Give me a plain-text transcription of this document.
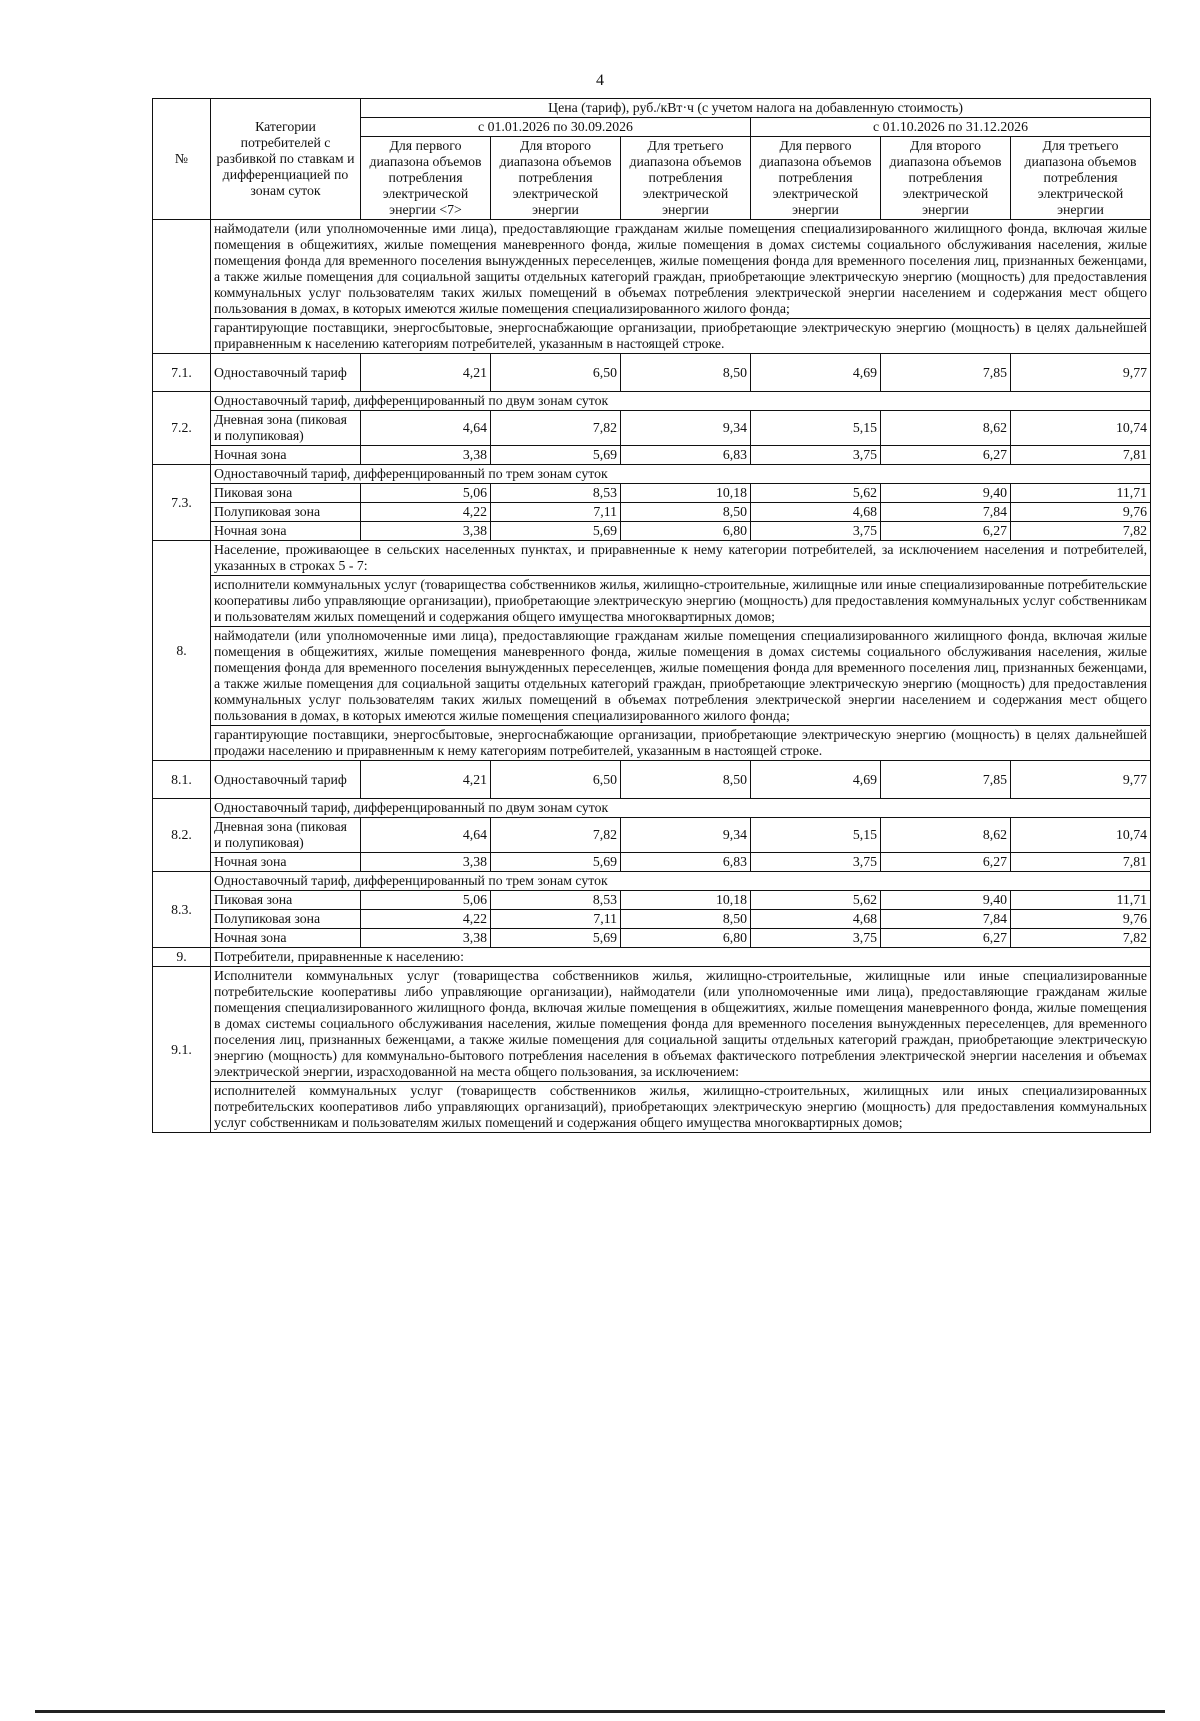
4
№	Категории потребителей с разбивкой по ставкам и дифференциацией по зонам суток	Цена (тариф), руб./кВт·ч (с учетом налога на добавленную стоимость)					
		с 01.01.2026 по 30.09.2026			с 01.10.2026 по 31.12.2026		
		Для первого диапазона объемов потребления электрической энергии <7>	Для второго диапазона объемов потребления электрической энергии	Для третьего диапазона объемов потребления электрической энергии	Для первого диапазона объемов потребления электрической энергии	Для второго диапазона объемов потребления электрической энергии	Для третьего диапазона объемов потребления электрической энергии
	наймодатели (или уполномоченные ими лица), предоставляющие гражданам жилые помещения специализированного жилищного фонда, включая жилые помещения в общежитиях, жилые помещения маневренного фонда, жилые помещения в домах системы социального обслуживания населения, жилые помещения фонда для временного поселения вынужденных переселенцев, жилые помещения фонда для временного поселения лиц, признанных беженцами, а также жилые помещения для социальной защиты отдельных категорий граждан, приобретающие электрическую энергию (мощность) для предоставления коммунальных услуг пользователям таких жилых помещений в объемах потребления электрической энергии населением и содержания мест общего пользования в домах, в которых имеются жилые помещения специализированного жилого фонда;						
	гарантирующие поставщики, энергосбытовые, энергоснабжающие организации, приобретающие электрическую энергию (мощность) в целях дальнейшей приравненным к населению категориям потребителей, указанным в настоящей строке.						
7.1.	Одноставочный тариф	4,21	6,50	8,50	4,69	7,85	9,77
7.2.	Одноставочный тариф, дифференцированный по двум зонам суток						
	Дневная зона (пиковая и полупиковая)	4,64	7,82	9,34	5,15	8,62	10,74
	Ночная зона	3,38	5,69	6,83	3,75	6,27	7,81
7.3.	Одноставочный тариф, дифференцированный по трем зонам суток						
	Пиковая зона	5,06	8,53	10,18	5,62	9,40	11,71
	Полупиковая зона	4,22	7,11	8,50	4,68	7,84	9,76
	Ночная зона	3,38	5,69	6,80	3,75	6,27	7,82
8.	Население, проживающее в сельских населенных пунктах, и приравненные к нему категории потребителей, за исключением населения и потребителей, указанных в строках 5 - 7:						
	исполнители коммунальных услуг (товарищества собственников жилья, жилищно-строительные, жилищные или иные специализированные потребительские кооперативы либо управляющие организации), приобретающие электрическую энергию (мощность) для предоставления коммунальных услуг собственникам и пользователям жилых помещений и содержания общего имущества многоквартирных домов;						
	наймодатели (или уполномоченные ими лица), предоставляющие гражданам жилые помещения специализированного жилищного фонда, включая жилые помещения в общежитиях, жилые помещения маневренного фонда, жилые помещения в домах системы социального обслуживания населения, жилые помещения фонда для временного поселения вынужденных переселенцев, жилые помещения фонда для временного поселения лиц, признанных беженцами, а также жилые помещения для социальной защиты отдельных категорий граждан, приобретающие электрическую энергию (мощность) для предоставления коммунальных услуг пользователям таких жилых помещений в объемах потребления электрической энергии населением и содержания мест общего пользования в домах, в которых имеются жилые помещения специализированного жилого фонда;						
	гарантирующие поставщики, энергосбытовые, энергоснабжающие организации, приобретающие электрическую энергию (мощность) в целях дальнейшей продажи населению и приравненным к нему категориям потребителей, указанным в настоящей строке.						
8.1.	Одноставочный тариф	4,21	6,50	8,50	4,69	7,85	9,77
8.2.	Одноставочный тариф, дифференцированный по двум зонам суток						
	Дневная зона (пиковая и полупиковая)	4,64	7,82	9,34	5,15	8,62	10,74
	Ночная зона	3,38	5,69	6,83	3,75	6,27	7,81
8.3.	Одноставочный тариф, дифференцированный по трем зонам суток						
	Пиковая зона	5,06	8,53	10,18	5,62	9,40	11,71
	Полупиковая зона	4,22	7,11	8,50	4,68	7,84	9,76
	Ночная зона	3,38	5,69	6,80	3,75	6,27	7,82
9.	Потребители, приравненные к населению:						
9.1.	Исполнители коммунальных услуг (товарищества собственников жилья, жилищно-строительные, жилищные или иные специализированные потребительские кооперативы либо управляющие организации), наймодатели (или уполномоченные ими лица), предоставляющие гражданам жилые помещения специализированного жилищного фонда, включая жилые помещения в общежитиях, жилые помещения маневренного фонда, жилые помещения в домах системы социального обслуживания населения, жилые помещения фонда для временного поселения вынужденных переселенцев, для временного поселения лиц, признанных беженцами, а также жилые помещения для социальной защиты отдельных категорий граждан, приобретающие электрическую энергию (мощность) для коммунально-бытового потребления населения в объемах фактического потребления электрической энергии населения и объемах электрической энергии, израсходованной на места общего пользования, за исключением:						
	исполнителей коммунальных услуг (товариществ собственников жилья, жилищно-строительных, жилищных или иных специализированных потребительских кооперативов либо управляющих организаций), приобретающих электрическую энергию (мощность) для предоставления коммунальных услуг собственникам и пользователям жилых помещений и содержания общего имущества многоквартирных домов;						
